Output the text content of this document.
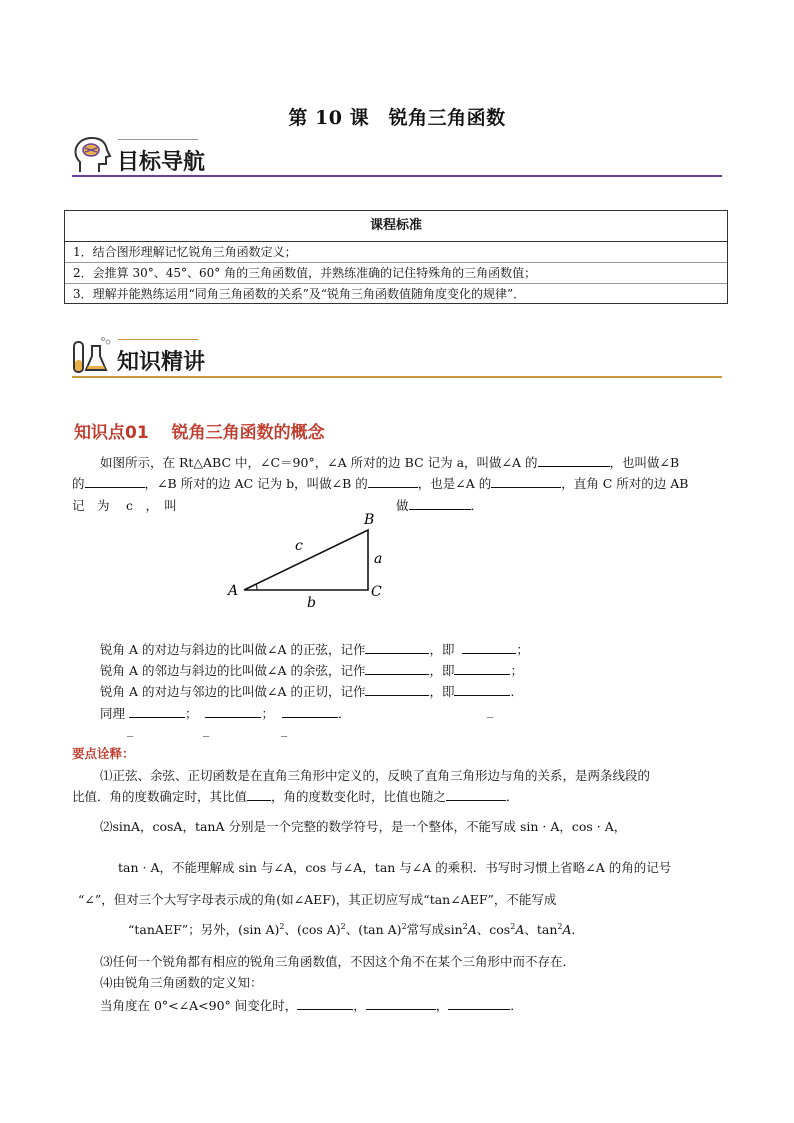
第 10 课　锐角三角函数
目标导航
课程标准
1．结合图形理解记忆锐角三角函数定义；
2．会推算 30°、45°、60° 角的三角函数值，并熟练准确的记住特殊角的三角函数值；
3．理解并能熟练运用“同角三角函数的关系”及“锐角三角函数值随角度变化的规律”．
知识精讲
知识点01　 锐角三角函数的概念
如图所示，在 Rt△ABC 中，∠C＝90°，∠A 所对的边 BC 记为 a，叫做∠A 的	，也叫做∠B
的	，∠B 所对的边 AC 记为 b，叫做∠B 的	，也是∠A 的	，直角 C 所对的边 AB
记　为　 c　，　叫	做	．
A
B
C
a
b
c
锐角 A 的对边与斜边的比叫做∠A 的正弦，记作	，即	；
锐角 A 的邻边与斜边的比叫做∠A 的余弦，记作	，即	；
锐角 A 的对边与邻边的比叫做∠A 的正切，记作	，即	．
同理	；	；	．	_
_	_	_
要点诠释：
⑴正弦、余弦、正切函数是在直角三角形中定义的，反映了直角三角形边与角的关系，是两条线段的
比值．角的度数确定时，其比值 ，角的度数变化时，比值也随之	．
⑵sinA，cosA，tanA 分别是一个完整的数学符号，是一个整体，不能写成 sin · A，cos · A，
tan · A，不能理解成 sin 与∠A，cos 与∠A，tan 与∠A 的乘积．书写时习惯上省略∠A 的角的记号
“∠”，但对三个大写字母表示成的角(如∠AEF)，其正切应写成“tan∠AEF”，不能写成
“tanAEF”；另外，(sin A)$^2$、(cos A)$^2$、(tan A)$^2$常写成$\sin^2A$、$\cos^2A$、$\tan^2A$．
⑶任何一个锐角都有相应的锐角三角函数值，不因这个角不在某个三角形中而不存在．
⑷由锐角三角函数的定义知：
当角度在 0°<∠A<90° 间变化时，	，	，	．
